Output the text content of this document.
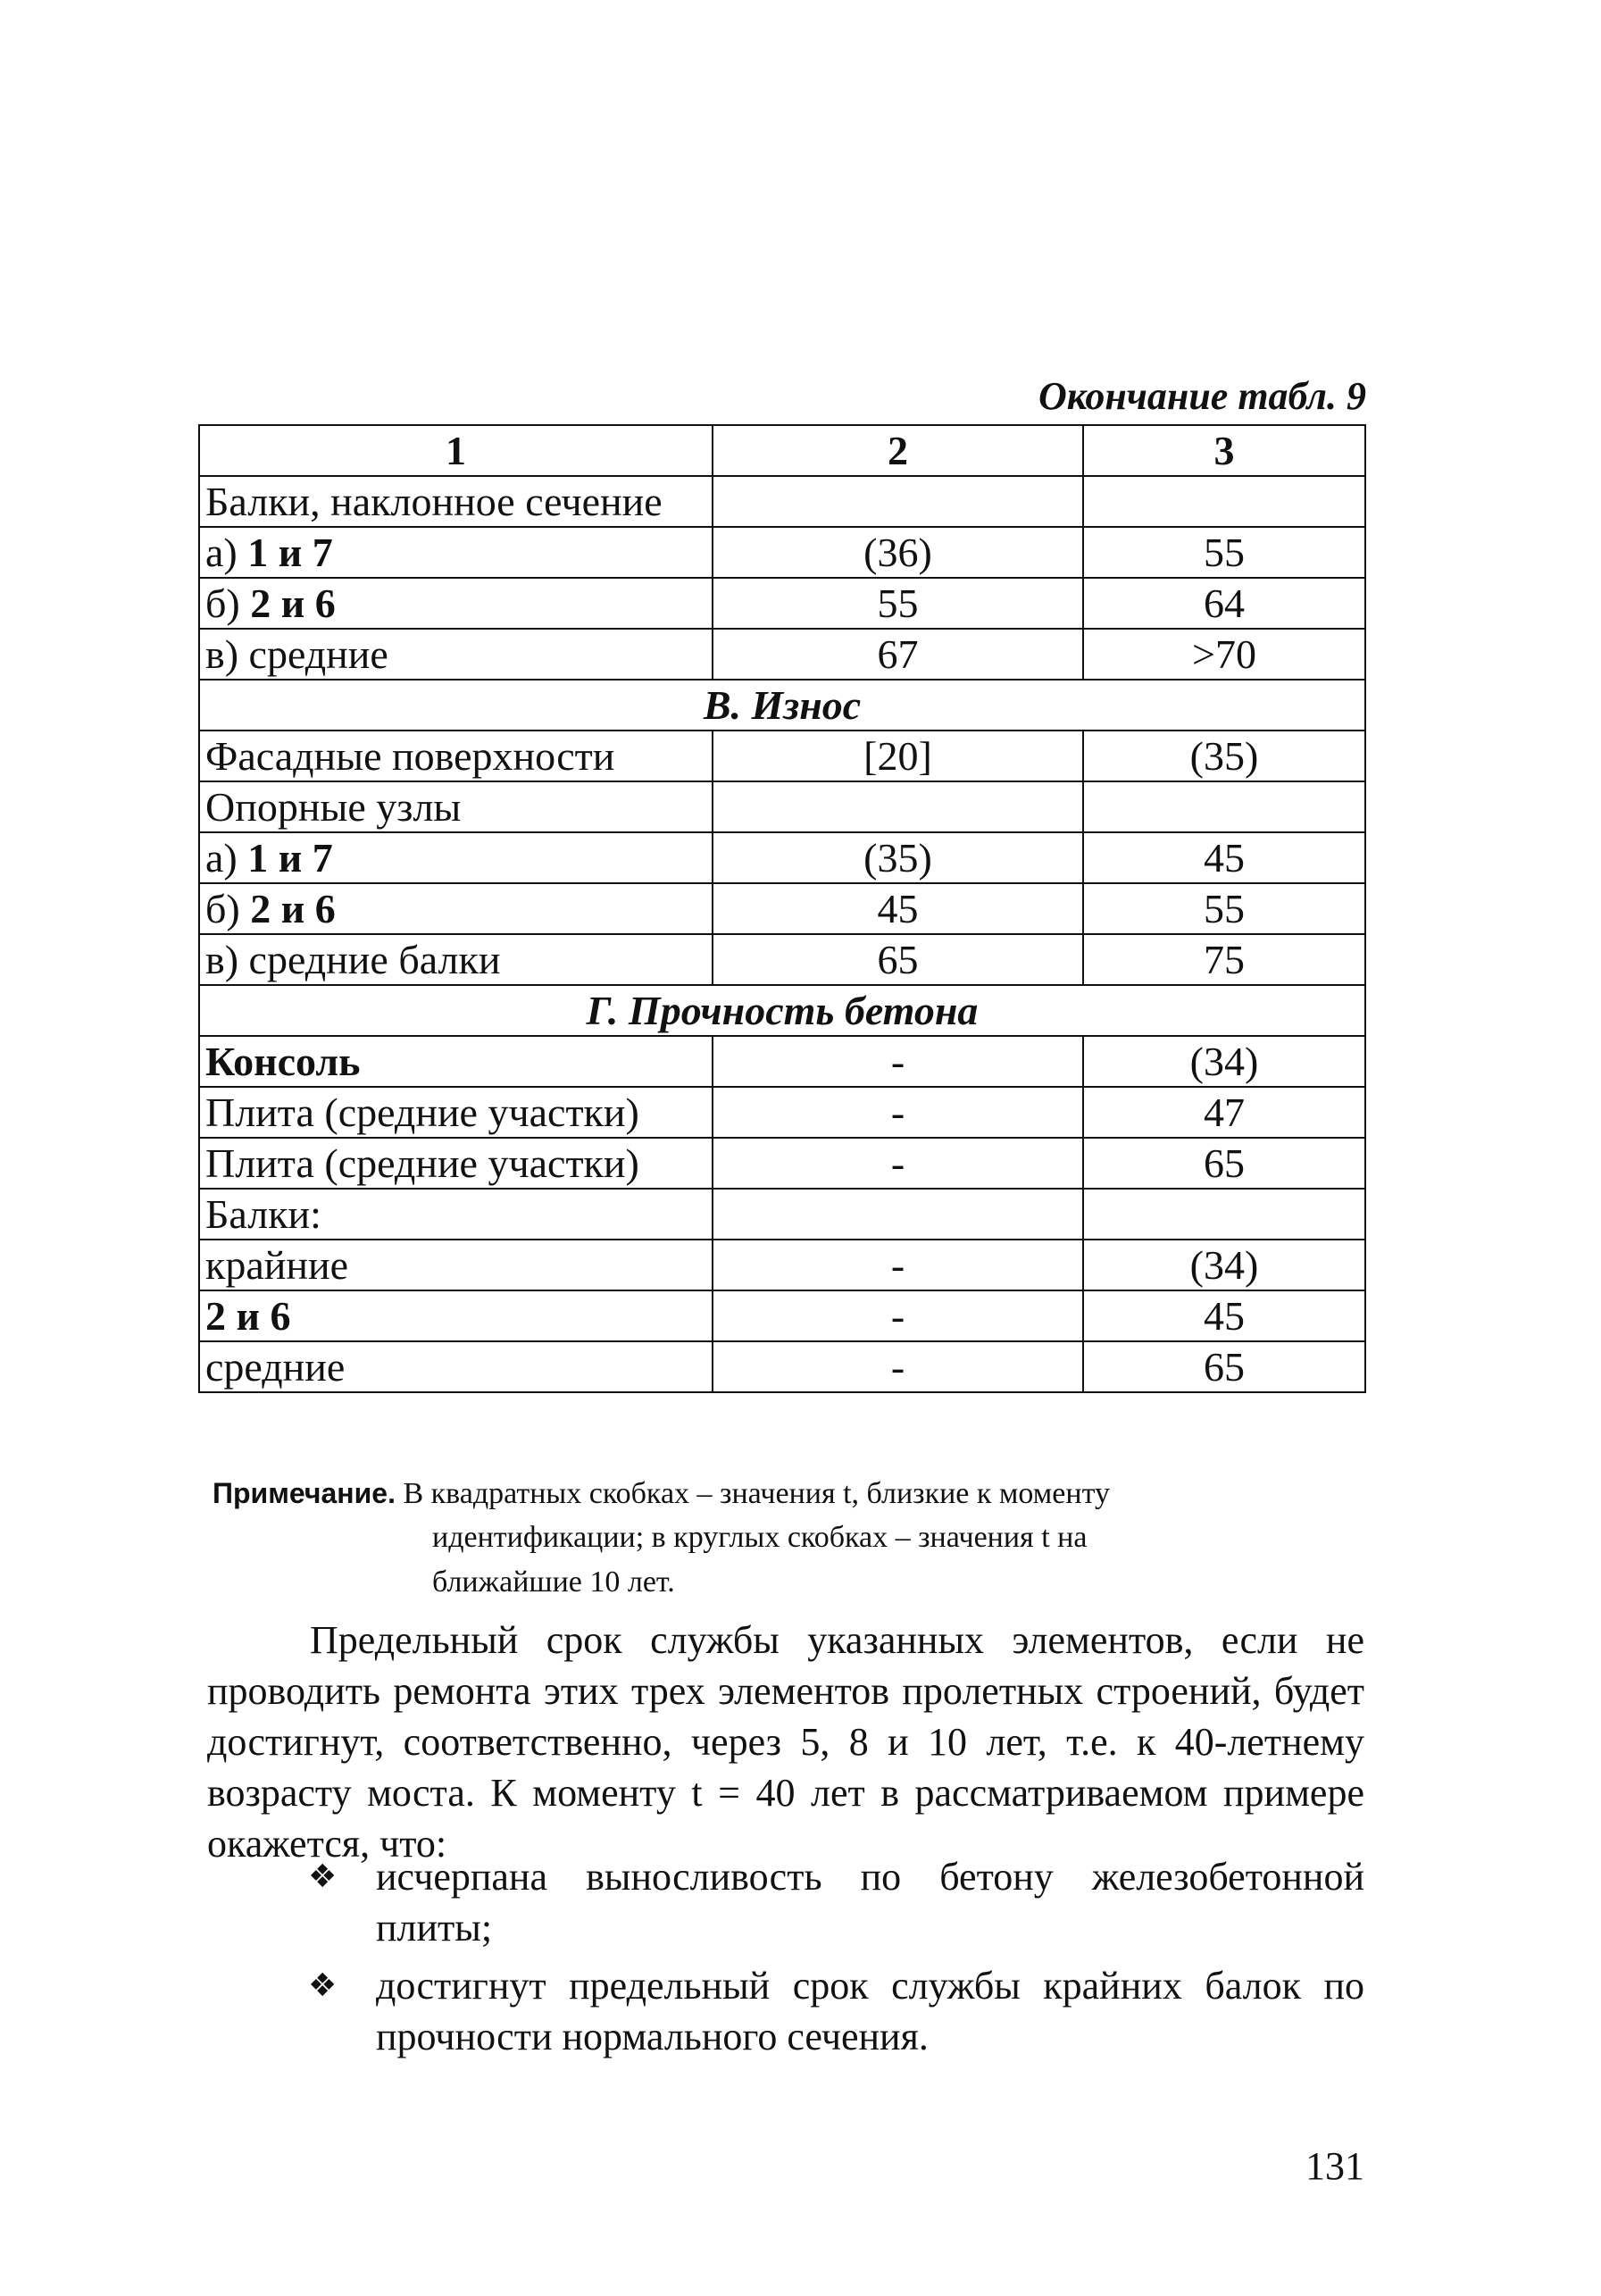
Окончание табл. 9
1	2	3
Балки, наклонное сечение		
а) 1 и 7	(36)	55
б) 2 и 6	55	64
в) средние	67	>70
В. Износ		
Фасадные поверхности	[20]	(35)
Опорные узлы		
а) 1 и 7	(35)	45
б) 2 и 6	45	55
в) средние балки	65	75
Г. Прочность бетона		
Консоль	-	(34)
Плита (средние участки)	-	47
Плита (средние участки)	-	65
Балки:		
крайние	-	(34)
2 и 6	-	45
средние	-	65
Примечание. В квадратных скобках – значения t, близкие к моменту
идентификации; в круглых скобках – значения t на
ближайшие 10 лет.
Предельный срок службы указанных элементов, если не проводить ремонта этих трех элементов пролетных строений, будет достигнут, соответственно, через 5, 8 и 10 лет, т.е. к 40-летнему возрасту моста. К моменту t = 40 лет в рассматриваемом примере окажется, что:
❖ исчерпана выносливость по бетону железобетонной плиты;
❖ достигнут предельный срок службы крайних балок по прочности нормального сечения.
131
